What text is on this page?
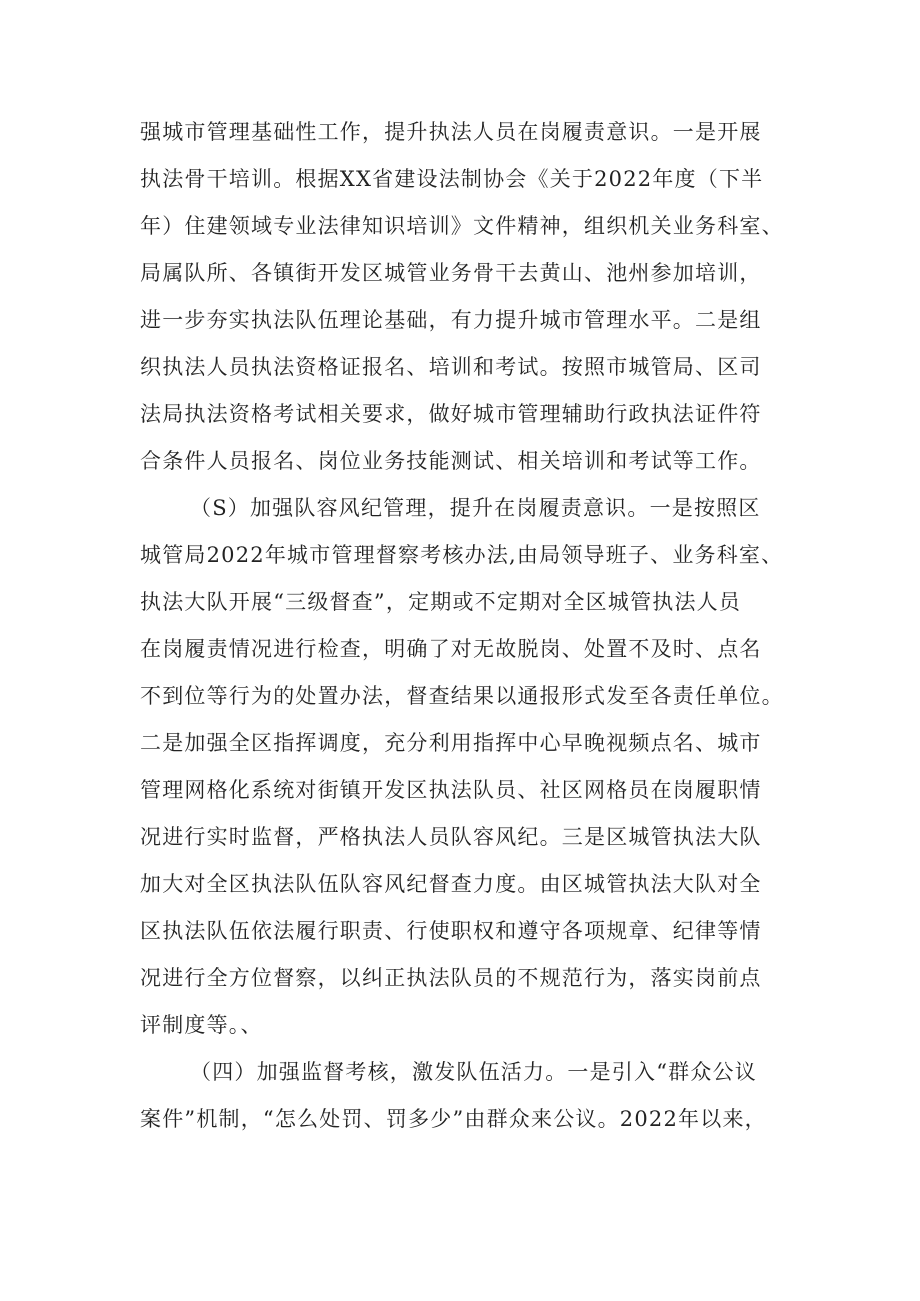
强城市管理基础性工作，提升执法人员在岗履责意识。一是开展
执法骨干培训。根据XX省建设法制协会《关于2022年度（下半
年）住建领域专业法律知识培训》文件精神，组织机关业务科室、
局属队所、各镇街开发区城管业务骨干去黄山、池州参加培训，
进一步夯实执法队伍理论基础，有力提升城市管理水平。二是组
织执法人员执法资格证报名、培训和考试。按照市城管局、区司
法局执法资格考试相关要求，做好城市管理辅助行政执法证件符
合条件人员报名、岗位业务技能测试、相关培训和考试等工作。
（S）加强队容风纪管理，提升在岗履责意识。一是按照区
城管局2022年城市管理督察考核办法,由局领导班子、业务科室、
执法大队开展“三级督查”，定期或不定期对全区城管执法人员
在岗履责情况进行检查，明确了对无故脱岗、处置不及时、点名
不到位等行为的处置办法，督查结果以通报形式发至各责任单位。
二是加强全区指挥调度，充分利用指挥中心早晚视频点名、城市
管理网格化系统对街镇开发区执法队员、社区网格员在岗履职情
况进行实时监督，严格执法人员队容风纪。三是区城管执法大队
加大对全区执法队伍队容风纪督查力度。由区城管执法大队对全
区执法队伍依法履行职责、行使职权和遵守各项规章、纪律等情
况进行全方位督察，以纠正执法队员的不规范行为，落实岗前点
评制度等。、
（四）加强监督考核，激发队伍活力。一是引入“群众公议
案件”机制，“怎么处罚、罚多少”由群众来公议。2022年以来，
